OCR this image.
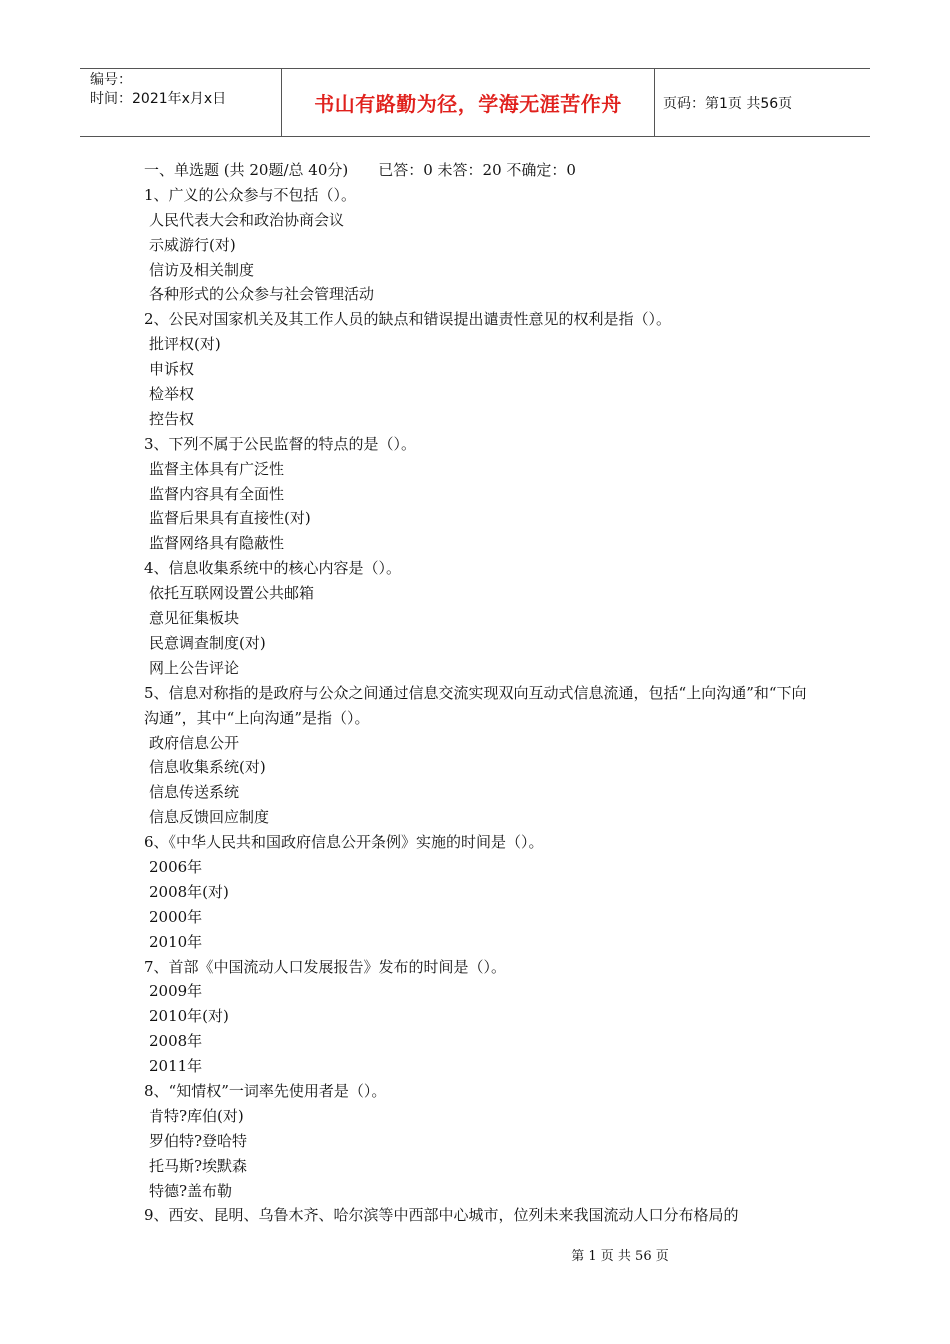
编号：
时间：2021年x月x日	书山有路勤为径，学海无涯苦作舟	页码：第1页 共56页
一、单选题 (共 20题/总 40分) 已答：0 未答：20 不确定：0
1、广义的公众参与不包括（）。
人民代表大会和政治协商会议
示威游行(对)
信访及相关制度
各种形式的公众参与社会管理活动
2、公民对国家机关及其工作人员的缺点和错误提出谴责性意见的权利是指（）。
批评权(对)
申诉权
检举权
控告权
3、下列不属于公民监督的特点的是（）。
监督主体具有广泛性
监督内容具有全面性
监督后果具有直接性(对)
监督网络具有隐蔽性
4、信息收集系统中的核心内容是（）。
依托互联网设置公共邮箱
意见征集板块
民意调查制度(对)
网上公告评论
5、信息对称指的是政府与公众之间通过信息交流实现双向互动式信息流通，包括“上向沟通”和“下向沟通”，其中“上向沟通”是指（）。
政府信息公开
信息收集系统(对)
信息传送系统
信息反馈回应制度
6、《中华人民共和国政府信息公开条例》实施的时间是（）。
2006年
2008年(对)
2000年
2010年
7、首部《中国流动人口发展报告》发布的时间是（）。
2009年
2010年(对)
2008年
2011年
8、“知情权”一词率先使用者是（）。
肯特?库伯(对)
罗伯特?登哈特
托马斯?埃默森
特德?盖布勒
9、西安、昆明、乌鲁木齐、哈尔滨等中西部中心城市，位列未来我国流动人口分布格局的
第 1 页 共 56 页
